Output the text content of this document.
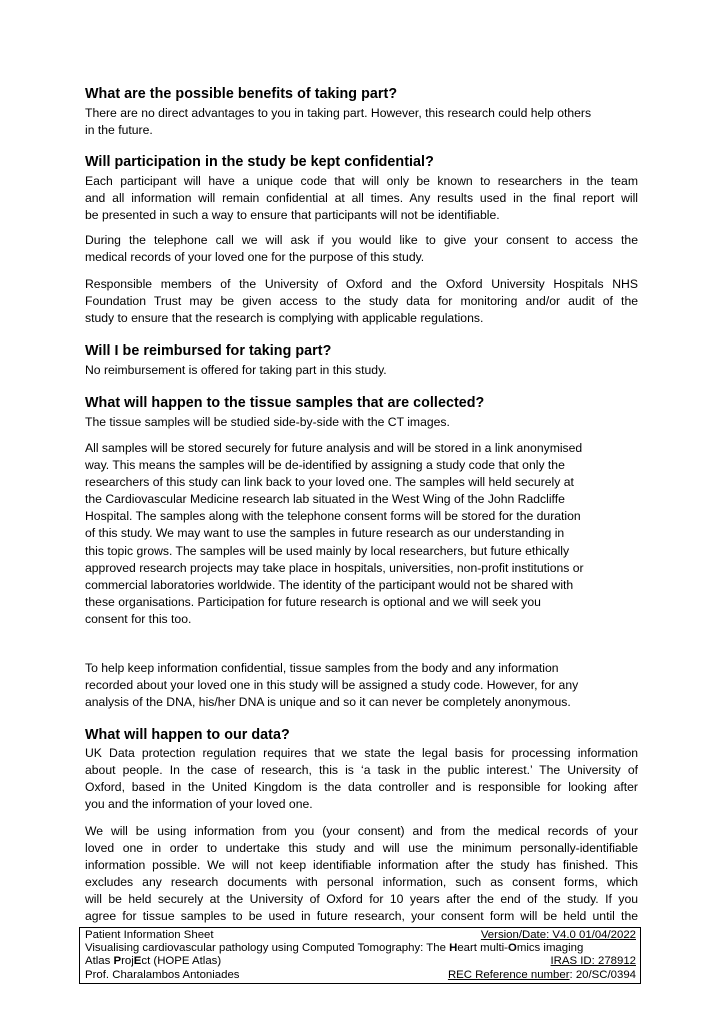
What are the possible benefits of taking part?
There are no direct advantages to you in taking part. However, this research could help others
in the future.
Will participation in the study be kept confidential?
Each participant will have a unique code that will only be known to researchers in the team
and all information will remain confidential at all times. Any results used in the final report will
be presented in such a way to ensure that participants will not be identifiable.
During the telephone call we will ask if you would like to give your consent to access the
medical records of your loved one for the purpose of this study.
Responsible members of the University of Oxford and the Oxford University Hospitals NHS
Foundation Trust may be given access to the study data for monitoring and/or audit of the
study to ensure that the research is complying with applicable regulations.
Will I be reimbursed for taking part?
No reimbursement is offered for taking part in this study.
What will happen to the tissue samples that are collected?
The tissue samples will be studied side-by-side with the CT images.
All samples will be stored securely for future analysis and will be stored in a link anonymised
way. This means the samples will be de-identified by assigning a study code that only the
researchers of this study can link back to your loved one. The samples will held securely at
the Cardiovascular Medicine research lab situated in the West Wing of the John Radcliffe
Hospital. The samples along with the telephone consent forms will be stored for the duration
of this study. We may want to use the samples in future research as our understanding in
this topic grows. The samples will be used mainly by local researchers, but future ethically
approved research projects may take place in hospitals, universities, non-profit institutions or
commercial laboratories worldwide. The identity of the participant would not be shared with
these organisations. Participation for future research is optional and we will seek you
consent for this too.
To help keep information confidential, tissue samples from the body and any information
recorded about your loved one in this study will be assigned a study code. However, for any
analysis of the DNA, his/her DNA is unique and so it can never be completely anonymous.
What will happen to our data?
UK Data protection regulation requires that we state the legal basis for processing information
about people. In the case of research, this is ‘a task in the public interest.’ The University of
Oxford, based in the United Kingdom is the data controller and is responsible for looking after
you and the information of your loved one.
We will be using information from you (your consent) and from the medical records of your
loved one in order to undertake this study and will use the minimum personally-identifiable
information possible. We will not keep identifiable information after the study has finished. This
excludes any research documents with personal information, such as consent forms, which
will be held securely at the University of Oxford for 10 years after the end of the study. If you
agree for tissue samples to be used in future research, your consent form will be held until the
Patient Information Sheet	Version/Date: V4.0 01/04/2022
Visualising cardiovascular pathology using Computed Tomography: The Heart multi-Omics imaging
Atlas ProjEct (HOPE Atlas)	IRAS ID: 278912
Prof. Charalambos Antoniades	REC Reference number: 20/SC/0394
